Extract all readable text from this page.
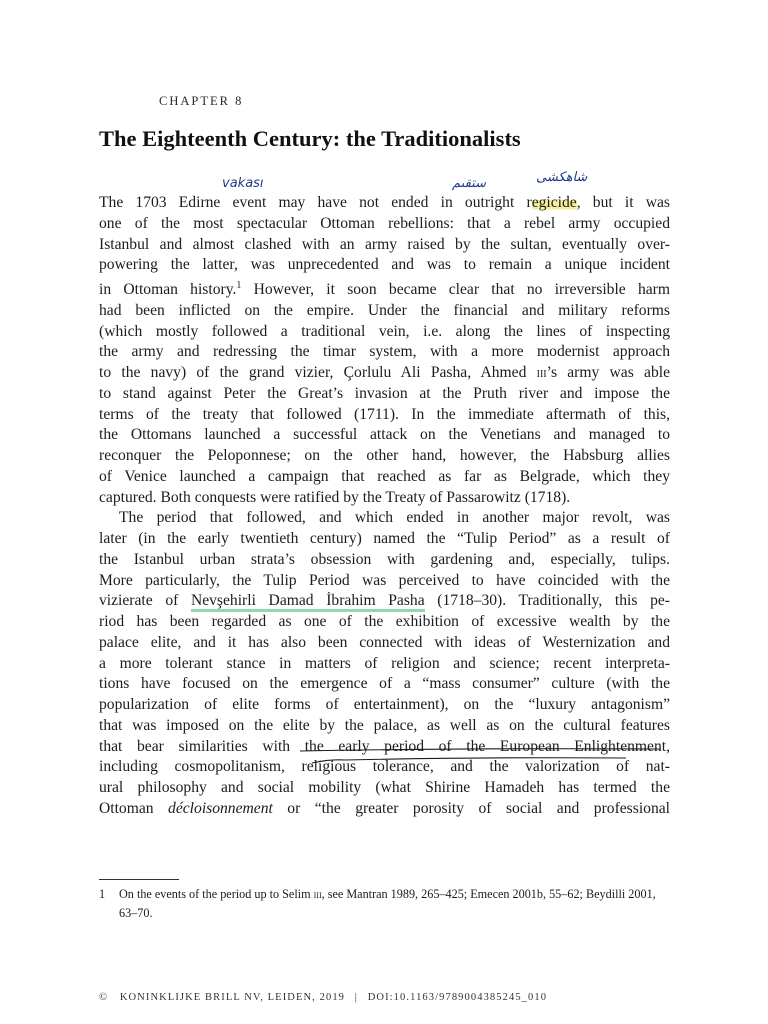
CHAPTER 8
The Eighteenth Century: the Traditionalists
vakası	ستقىم	شاهكشى
The 1703 Edirne event may have not ended in outright regicide, but it was
one of the most spectacular Ottoman rebellions: that a rebel army occupied
Istanbul and almost clashed with an army raised by the sultan, eventually over-
powering the latter, was unprecedented and was to remain a unique incident
in Ottoman history.$^1$ However, it soon became clear that no irreversible harm
had been inflicted on the empire. Under the financial and military reforms
(which mostly followed a traditional vein, i.e. along the lines of inspecting
the army and redressing the timar system, with a more modernist approach
to the navy) of the grand vizier, Çorlulu Ali Pasha, Ahmed iii’s army was able
to stand against Peter the Great’s invasion at the Pruth river and impose the
terms of the treaty that followed (1711). In the immediate aftermath of this,
the Ottomans launched a successful attack on the Venetians and managed to
reconquer the Peloponnese; on the other hand, however, the Habsburg allies
of Venice launched a campaign that reached as far as Belgrade, which they
captured. Both conquests were ratified by the Treaty of Passarowitz (1718).
The period that followed, and which ended in another major revolt, was
later (in the early twentieth century) named the “Tulip Period” as a result of
the Istanbul urban strata’s obsession with gardening and, especially, tulips.
More particularly, the Tulip Period was perceived to have coincided with the
vizierate of Nevşehirli Damad İbrahim Pasha (1718–30). Traditionally, this pe-
riod has been regarded as one of the exhibition of excessive wealth by the
palace elite, and it has also been connected with ideas of Westernization and
a more tolerant stance in matters of religion and science; recent interpreta-
tions have focused on the emergence of a “mass consumer” culture (with the
popularization of elite forms of entertainment), on the “luxury antagonism”
that was imposed on the elite by the palace, as well as on the cultural features
that bear similarities with the early period of the European Enlightenment,
including cosmopolitanism, religious tolerance, and the valorization of nat-
ural philosophy and social mobility (what Shirine Hamadeh has termed the
Ottoman décloisonnement or “the greater porosity of social and professional
1 On the events of the period up to Selim iii, see Mantran 1989, 265–425; Emecen 2001b, 55–62; Beydilli 2001, 63–70.
© KONINKLIJKE BRILL NV, LEIDEN, 2019 | DOI:10.1163/9789004385245_010
